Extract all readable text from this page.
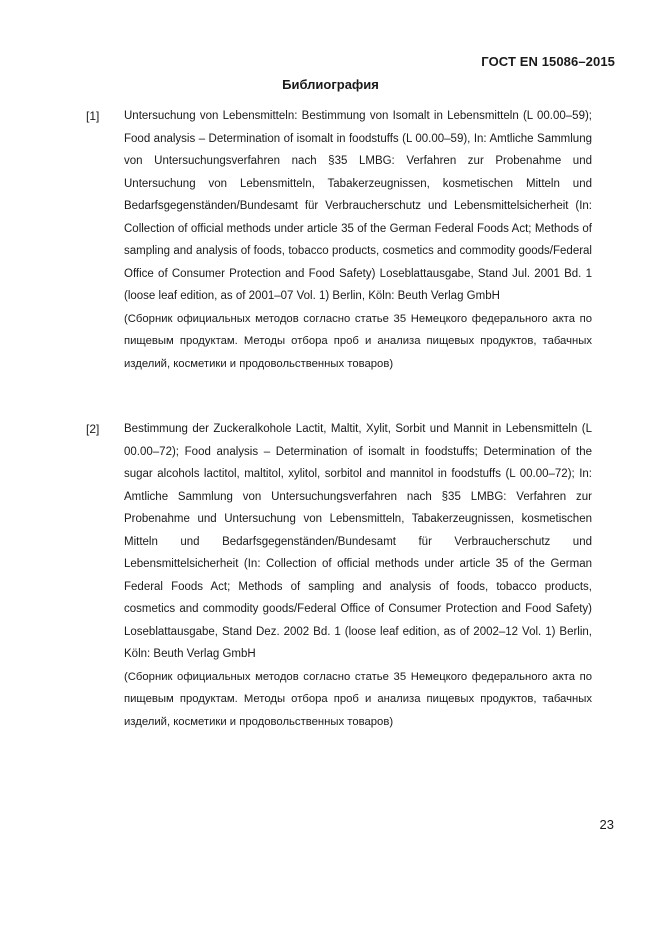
ГОСТ EN 15086–2015
Библиография
[1] Untersuchung von Lebensmitteln: Bestimmung von Isomalt in Lebensmitteln (L 00.00–59); Food analysis – Determination of isomalt in foodstuffs (L 00.00–59), In: Amtliche Sammlung von Untersuchungsverfahren nach §35 LMBG: Verfahren zur Probenahme und Untersuchung von Lebensmitteln, Tabakerzeugnissen, kosmetischen Mitteln und Bedarfsgegenständen/Bundesamt für Verbraucherschutz und Lebensmittelsicherheit (In: Collection of official methods under article 35 of the German Federal Foods Act; Methods of sampling and analysis of foods, tobacco products, cosmetics and commodity goods/Federal Office of Consumer Protection and Food Safety) Loseblattausgabe, Stand Jul. 2001 Bd. 1 (loose leaf edition, as of 2001–07 Vol. 1) Berlin, Köln: Beuth Verlag GmbH

(Сборник официальных методов согласно статье 35 Немецкого федерального акта по пищевым продуктам. Методы отбора проб и анализа пищевых продуктов, табачных изделий, косметики и продовольственных товаров)

[2] Bestimmung der Zuckeralkohole Lactit, Maltit, Xylit, Sorbit und Mannit in Lebensmitteln (L 00.00–72); Food analysis – Determination of isomalt in foodstuffs; Determination of the sugar alcohols lactitol, maltitol, xylitol, sorbitol and mannitol in foodstuffs (L 00.00–72); In: Amtliche Sammlung von Untersuchungsverfahren nach §35 LMBG: Verfahren zur Probenahme und Untersuchung von Lebensmitteln, Tabakerzeugnissen, kosmetischen Mitteln und Bedarfsgegenständen/Bundesamt für Verbraucherschutz und Lebensmittelsicherheit (In: Collection of official methods under article 35 of the German Federal Foods Act; Methods of sampling and analysis of foods, tobacco products, cosmetics and commodity goods/Federal Office of Consumer Protection and Food Safety) Loseblattausgabe, Stand Dez. 2002 Bd. 1 (loose leaf edition, as of 2002–12 Vol. 1) Berlin, Köln: Beuth Verlag GmbH

(Сборник официальных методов согласно статье 35 Немецкого федерального акта по пищевым продуктам. Методы отбора проб и анализа пищевых продуктов, табачных изделий, косметики и продовольственных товаров)

23
